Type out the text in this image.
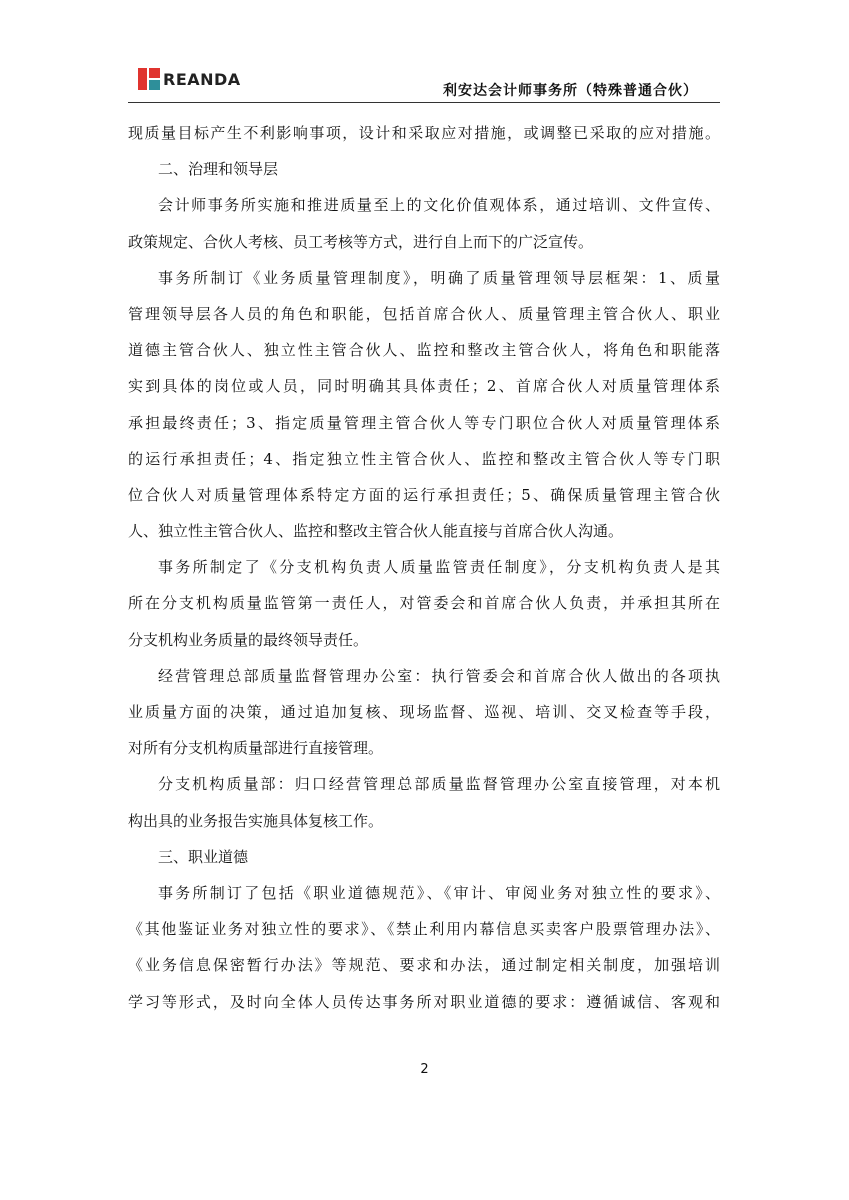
REANDA
利安达会计师事务所（特殊普通合伙）
现质量目标产生不利影响事项，设计和采取应对措施，或调整已采取的应对措施。
二、治理和领导层
会计师事务所实施和推进质量至上的文化价值观体系，通过培训、文件宣传、
政策规定、合伙人考核、员工考核等方式，进行自上而下的广泛宣传。
事务所制订《业务质量管理制度》，明确了质量管理领导层框架：1、质量
管理领导层各人员的角色和职能，包括首席合伙人、质量管理主管合伙人、职业
道德主管合伙人、独立性主管合伙人、监控和整改主管合伙人，将角色和职能落
实到具体的岗位或人员，同时明确其具体责任；2、首席合伙人对质量管理体系
承担最终责任；3、指定质量管理主管合伙人等专门职位合伙人对质量管理体系
的运行承担责任；4、指定独立性主管合伙人、监控和整改主管合伙人等专门职
位合伙人对质量管理体系特定方面的运行承担责任；5、确保质量管理主管合伙
人、独立性主管合伙人、监控和整改主管合伙人能直接与首席合伙人沟通。
事务所制定了《分支机构负责人质量监管责任制度》，分支机构负责人是其
所在分支机构质量监管第一责任人，对管委会和首席合伙人负责，并承担其所在
分支机构业务质量的最终领导责任。
经营管理总部质量监督管理办公室：执行管委会和首席合伙人做出的各项执
业质量方面的决策，通过追加复核、现场监督、巡视、培训、交叉检查等手段，
对所有分支机构质量部进行直接管理。
分支机构质量部：归口经营管理总部质量监督管理办公室直接管理，对本机
构出具的业务报告实施具体复核工作。
三、职业道德
事务所制订了包括《职业道德规范》、《审计、审阅业务对独立性的要求》、
《其他鉴证业务对独立性的要求》、《禁止利用内幕信息买卖客户股票管理办法》、
《业务信息保密暂行办法》等规范、要求和办法，通过制定相关制度，加强培训
学习等形式，及时向全体人员传达事务所对职业道德的要求：遵循诚信、客观和
2
